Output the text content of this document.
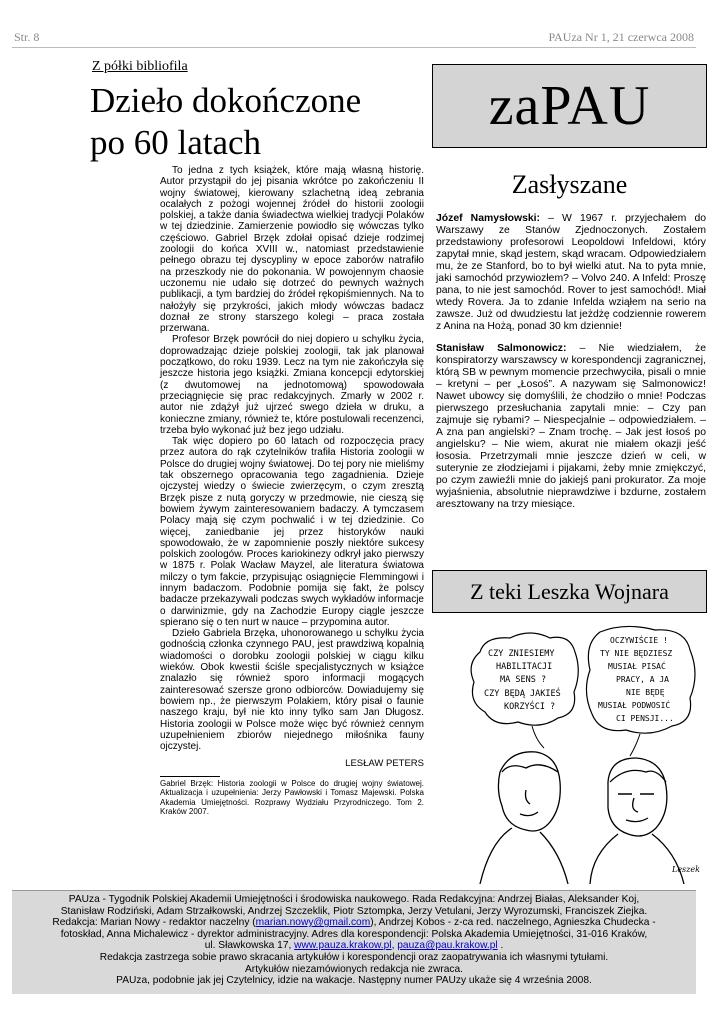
Str. 8	PAUza Nr 1, 21 czerwca 2008
Z półki bibliofila
Dzieło dokończone
po 60 latach

To jedna z tych książek, które mają własną historię. Autor przystąpił do jej pisania wkrótce po zakończeniu II wojny światowej, kierowany szlachetną ideą zebrania ocalałych z pożogi wojennej źródeł do historii zoologii polskiej, a także dania świadectwa wielkiej tradycji Polaków w tej dziedzinie. Zamierzenie powiodło się wówczas tylko częściowo. Gabriel Brzęk zdołał opisać dzieje rodzimej zoologii do końca XVIII w., natomiast przedstawienie pełnego obrazu tej dyscypliny w epoce zaborów natrafiło na przeszkody nie do pokonania. W powojennym chaosie uczonemu nie udało się dotrzeć do pewnych ważnych publikacji, a tym bardziej do źródeł rękopiśmiennych. Na to nałożyły się przykrości, jakich młody wówczas badacz doznał ze strony starszego kolegi – praca została przerwana.

Profesor Brzęk powrócił do niej dopiero u schyłku życia, doprowadzając dzieje polskiej zoologii, tak jak planował początkowo, do roku 1939. Lecz na tym nie zakończyła się jeszcze historia jego książki. Zmiana koncepcji edytorskiej (z dwutomowej na jednotomową) spowodowała przeciągnięcie się prac redakcyjnych. Zmarły w 2002 r. autor nie zdążył już ujrzeć swego dzieła w druku, a konieczne zmiany, również te, które postulowali recenzenci, trzeba było wykonać już bez jego udziału.

Tak więc dopiero po 60 latach od rozpoczęcia pracy przez autora do rąk czytelników trafiła Historia zoologii w Polsce do drugiej wojny światowej. Do tej pory nie mieliśmy tak obszernego opracowania tego zagadnienia. Dzieje ojczystej wiedzy o świecie zwierzęcym, o czym zresztą Brzęk pisze z nutą goryczy w przedmowie, nie cieszą się bowiem żywym zainteresowaniem badaczy. A tymczasem Polacy mają się czym pochwalić i w tej dziedzinie. Co więcej, zaniedbanie jej przez historyków nauki spowodowało, że w zapomnienie poszły niektóre sukcesy polskich zoologów. Proces kariokinezy odkrył jako pierwszy w 1875 r. Polak Wacław Mayzel, ale literatura światowa milczy o tym fakcie, przypisując osiągnięcie Flemmingowi i innym badaczom. Podobnie pomija się fakt, że polscy badacze przekazywali podczas swych wykładów informacje o darwinizmie, gdy na Zachodzie Europy ciągle jeszcze spierano się o ten nurt w nauce – przypomina autor.

Dzieło Gabriela Brzęka, uhonorowanego u schyłku życia godnością członka czynnego PAU, jest prawdziwą kopalnią wiadomości o dorobku zoologii polskiej w ciągu kilku wieków. Obok kwestii ściśle specjalistycznych w książce znalazło się również sporo informacji mogących zainteresować szersze grono odbiorców. Dowiadujemy się bowiem np., że pierwszym Polakiem, który pisał o faunie naszego kraju, był nie kto inny tylko sam Jan Długosz. Historia zoologii w Polsce może więc być również cennym uzupełnieniem zbiorów niejednego miłośnika fauny ojczystej.

LESŁAW PETERS
Gabriel Brzęk: Historia zoologii w Polsce do drugiej wojny światowej. Aktualizacja i uzupełnienia: Jerzy Pawłowski i Tomasz Majewski. Polska Akademia Umiejętności. Rozprawy Wydziału Przyrodniczego. Tom 2. Kraków 2007.
zaPAU
Zasłyszane

Józef Namysłowski: – W 1967 r. przyjechałem do Warszawy ze Stanów Zjednoczonych. Zostałem przedstawiony profesorowi Leopoldowi Infeldowi, który zapytał mnie, skąd jestem, skąd wracam. Odpowiedziałem mu, że ze Stanford, bo to był wielki atut. Na to pyta mnie, jaki samochód przywiozłem? – Volvo 240. A Infeld: Proszę pana, to nie jest samochód. Rover to jest samochód!. Miał wtedy Rovera. Ja to zdanie Infelda wziąłem na serio na zawsze. Już od dwudziestu lat jeżdżę codziennie rowerem z Anina na Hożą, ponad 30 km dziennie!

Stanisław Salmonowicz: – Nie wiedziałem, że konspiratorzy warszawscy w korespondencji zagranicznej, którą SB w pewnym momencie przechwyciła, pisali o mnie – kretyni – per „Łosoś”. A nazywam się Salmonowicz! Nawet ubowcy się domyślili, że chodziło o mnie! Podczas pierwszego przesłuchania zapytali mnie: – Czy pan zajmuje się rybami? – Niespecjalnie – odpowiedziałem. – A zna pan angielski? – Znam trochę. – Jak jest łosoś po angielsku? – Nie wiem, akurat nie miałem okazji jeść łososia. Przetrzymali mnie jeszcze dzień w celi, w suterynie ze złodziejami i pijakami, żeby mnie zmiękczyć, po czym zawieźli mnie do jakiejś pani prokurator. Za moje wyjaśnienia, absolutnie nieprawdziwe i bzdurne, zostałem aresztowany na trzy miesiące.

Z teki Leszka Wojnara
CZY ZNIESIEMY
HABILITACJI
MA SENS ?
CZY BĘDĄ JAKIEŚ
KORZYŚCI ?
OCZYWIŚCIE !
TY NIE BĘDZIESZ
MUSIAŁ PISAĆ
PRACY, A JA
NIE BĘDĘ
MUSIAŁ PODWOSIĆ
CI PENSJI...
Leszek
PAUza - Tygodnik Polskiej Akademii Umiejętności i środowiska naukowego. Rada Redakcyjna: Andrzej Białas, Aleksander Koj,
Stanisław Rodziński, Adam Strzałkowski, Andrzej Szczeklik, Piotr Sztompka, Jerzy Vetulani, Jerzy Wyrozumski, Franciszek Ziejka.
Redakcja: Marian Nowy - redaktor naczelny (marian.nowy@gmail.com), Andrzej Kobos - z-ca red. naczelnego, Agnieszka Chudecka -
fotoskład, Anna Michalewicz - dyrektor administracyjny. Adres dla korespondencji: Polska Akademia Umiejętności, 31-016 Kraków,
ul. Sławkowska 17, www.pauza.krakow.pl, pauza@pau.krakow.pl .
Redakcja zastrzega sobie prawo skracania artykułów i korespondencji oraz zaopatrywania ich własnymi tytułami.
Artykułów niezamówionych redakcja nie zwraca.
PAUza, podobnie jak jej Czytelnicy, idzie na wakacje. Następny numer PAUzy ukaże się 4 września 2008.
